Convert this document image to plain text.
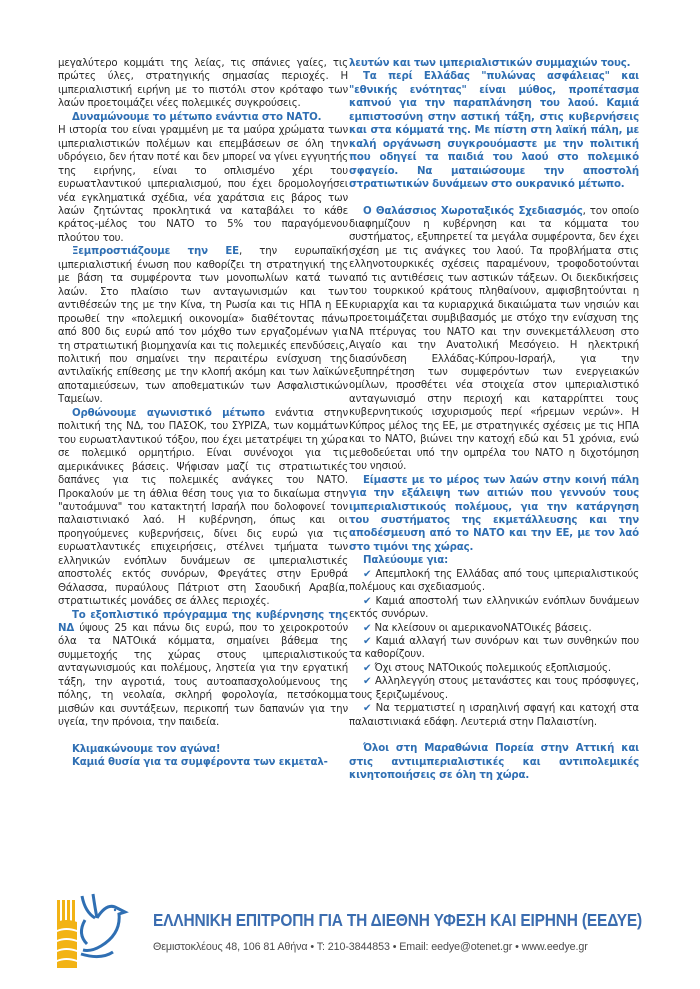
μεγαλύτερο κομμάτι της λείας, τις σπάνιες γαίες, τις πρώτες ύλες, στρατηγικής σημασίας περιοχές. Η ιμπεριαλιστική ειρήνη με το πιστόλι στον κρόταφο των λαών προετοιμάζει νέες πολεμικές συγκρούσεις.

Δυναμώνουμε το μέτωπο ενάντια στο ΝΑΤΟ.

Η ιστορία του είναι γραμμένη με τα μαύρα χρώματα των ιμπεριαλιστικών πολέμων και επεμβάσεων σε όλη την υδρόγειο, δεν ήταν ποτέ και δεν μπορεί να γίνει εγγυητής της ειρήνης, είναι το οπλισμένο χέρι του ευρωατλαντικού ιμπεριαλισμού, που έχει δρομολογήσει νέα εγκληματικά σχέδια, νέα χαράτσια εις βάρος των λαών ζητώντας προκλητικά να καταβάλει το κάθε κράτος-μέλος του ΝΑΤΟ το 5% του παραγόμενου πλούτου του.

Ξεμπροστιάζουμε την ΕΕ, την ευρωπαϊκή ιμπεριαλιστική ένωση που καθορίζει τη στρατηγική της με βάση τα συμφέροντα των μονοπωλίων κατά των λαών. Στο πλαίσιο των ανταγωνισμών και των αντιθέσεών της με την Κίνα, τη Ρωσία και τις ΗΠΑ η ΕΕ προωθεί την «πολεμική οικονομία» διαθέτοντας πάνω από 800 δις ευρώ από τον μόχθο των εργαζομένων για τη στρατιωτική βιομηχανία και τις πολεμικές επενδύσεις, πολιτική που σημαίνει την περαιτέρω ενίσχυση της αντιλαϊκής επίθεσης με την κλοπή ακόμη και των λαϊκών αποταμιεύσεων, των αποθεματικών των Ασφαλιστικών Ταμείων.

Ορθώνουμε αγωνιστικό μέτωπο ενάντια στην πολιτική της ΝΔ, του ΠΑΣΟΚ, του ΣΥΡΙΖΑ, των κομμάτων του ευρωατλαντικού τόξου, που έχει μετατρέψει τη χώρα σε πολεμικό ορμητήριο. Είναι συνένοχοι για τις αμερικάνικες βάσεις. Ψήφισαν μαζί τις στρατιωτικές δαπάνες για τις πολεμικές ανάγκες του ΝΑΤΟ. Προκαλούν με τη άθλια θέση τους για το δικαίωμα στην "αυτοάμυνα" του κατακτητή Ισραήλ που δολοφονεί τον παλαιστινιακό λαό. Η κυβέρνηση, όπως και οι προηγούμενες κυβερνήσεις, δίνει δις ευρώ για τις ευρωατλαντικές επιχειρήσεις, στέλνει τμήματα των ελληνικών ενόπλων δυνάμεων σε ιμπεριαλιστικές αποστολές εκτός συνόρων, Φρεγάτες στην Ερυθρά Θάλασσα, πυραύλους Πάτριοτ στη Σαουδική Αραβία, στρατιωτικές μονάδες σε άλλες περιοχές.

Το εξοπλιστικό πρόγραμμα της κυβέρνησης της ΝΔ ύψους 25 και πάνω δις ευρώ, που το χειροκροτούν όλα τα ΝΑΤΟικά κόμματα, σημαίνει βάθεμα της συμμετοχής της χώρας στους ιμπεριαλιστικούς ανταγωνισμούς και πολέμους, ληστεία για την εργατική τάξη, την αγροτιά, τους αυτοαπασχολούμενους της πόλης, τη νεολαία, σκληρή φορολογία, πετσόκομμα μισθών και συντάξεων, περικοπή των δαπανών για την υγεία, την πρόνοια, την παιδεία.

Κλιμακώνουμε τον αγώνα!

Καμιά θυσία για τα συμφέροντα των εκμεταλ-

λευτών και των ιμπεριαλιστικών συμμαχιών τους.

Τα περί Ελλάδας "πυλώνας ασφάλειας" και "εθνικής ενότητας" είναι μύθος, προπέτασμα καπνού για την παραπλάνηση του λαού. Καμιά εμπιστοσύνη στην αστική τάξη, στις κυβερνήσεις και στα κόμματά της. Με πίστη στη λαϊκή πάλη, με καλή οργάνωση συγκρουόμαστε με την πολιτική που οδηγεί τα παιδιά του λαού στο πολεμικό σφαγείο. Να ματαιώσουμε την αποστολή στρατιωτικών δυνάμεων στο ουκρανικό μέτωπο.

Ο Θαλάσσιος Χωροταξικός Σχεδιασμός, τον οποίο διαφημίζουν η κυβέρνηση και τα κόμματα του συστήματος, εξυπηρετεί τα μεγάλα συμφέροντα, δεν έχει σχέση με τις ανάγκες του λαού. Τα προβλήματα στις ελληνοτουρκικές σχέσεις παραμένουν, τροφοδοτούνται από τις αντιθέσεις των αστικών τάξεων. Οι διεκδικήσεις του τουρκικού κράτους πληθαίνουν, αμφισβητούνται η κυριαρχία και τα κυριαρχικά δικαιώματα των νησιών και προετοιμάζεται συμβιβασμός με στόχο την ενίσχυση της ΝΑ πτέρυγας του ΝΑΤΟ και την συνεκμετάλλευση στο Αιγαίο και την Ανατολική Μεσόγειο. Η ηλεκτρική διασύνδεση Ελλάδας-Κύπρου-Ισραήλ, για την εξυπηρέτηση των συμφερόντων των ενεργειακών ομίλων, προσθέτει νέα στοιχεία στον ιμπεριαλιστικό ανταγωνισμό στην περιοχή και καταρρίπτει τους κυβερνητικούς ισχυρισμούς περί «ήρεμων νερών». Η Κύπρος μέλος της ΕΕ, με στρατηγικές σχέσεις με τις ΗΠΑ και το ΝΑΤΟ, βιώνει την κατοχή εδώ και 51 χρόνια, ενώ μεθοδεύεται υπό την ομπρέλα του ΝΑΤΟ η διχοτόμηση του νησιού.

Είμαστε με το μέρος των λαών στην κοινή πάλη για την εξάλειψη των αιτιών που γεννούν τους ιμπεριαλιστικούς πολέμους, για την κατάργηση του συστήματος της εκμετάλλευσης και την αποδέσμευση από το ΝΑΤΟ και την ΕΕ, με τον λαό στο τιμόνι της χώρας.

Παλεύουμε για:

✔ Απεμπλοκή της Ελλάδας από τους ιμπεριαλιστικούς πολέμους και σχεδιασμούς.

✔ Καμιά αποστολή των ελληνικών ενόπλων δυνάμεων εκτός συνόρων.

✔ Να κλείσουν οι αμερικανοΝΑΤΟικές βάσεις.

✔ Καμιά αλλαγή των συνόρων και των συνθηκών που τα καθορίζουν.

✔ Όχι στους ΝΑΤΟικούς πολεμικούς εξοπλισμούς.

✔ Αλληλεγγύη στους μετανάστες και τους πρόσφυγες, τους ξεριζωμένους.

✔ Να τερματιστεί η ισραηλινή σφαγή και κατοχή στα παλαιστινιακά εδάφη. Λευτεριά στην Παλαιστίνη.

Όλοι στη Μαραθώνια Πορεία στην Αττική και στις αντιιμπεριαλιστικές και αντιπολεμικές κινητοποιήσεις σε όλη τη χώρα.

ΕΛΛΗΝΙΚΗ ΕΠΙΤΡΟΠΗ ΓΙΑ ΤΗ ΔΙΕΘΝΗ ΥΦΕΣΗ ΚΑΙ ΕΙΡΗΝΗ (ΕΕΔΥΕ)
Θεμιστοκλέους 48, 106 81 Αθήνα • Τ: 210-3844853 • Email: eedye@otenet.gr • www.eedye.gr
